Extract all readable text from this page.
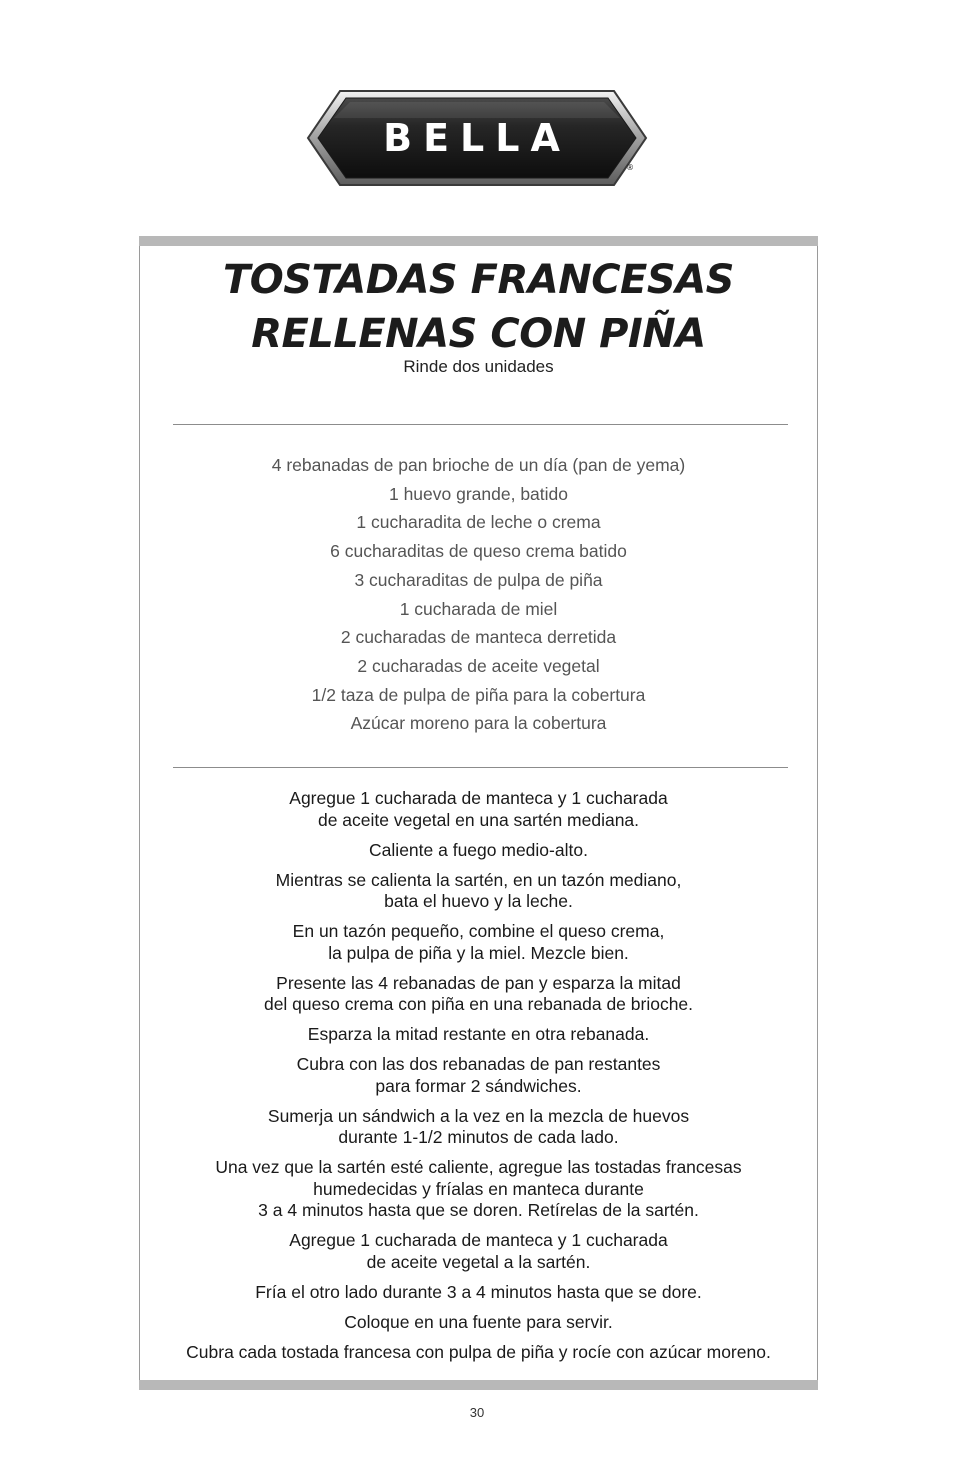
BELLA
®
TOSTADAS FRANCESAS
RELLENAS CON PIÑA
Rinde dos unidades
4 rebanadas de pan brioche de un día (pan de yema)
1 huevo grande, batido
1 cucharadita de leche o crema
6 cucharaditas de queso crema batido
3 cucharaditas de pulpa de piña
1 cucharada de miel
2 cucharadas de manteca derretida
2 cucharadas de aceite vegetal
1/2 taza de pulpa de piña para la cobertura
Azúcar moreno para la cobertura
Agregue 1 cucharada de manteca y 1 cucharada
de aceite vegetal en una sartén mediana.
Caliente a fuego medio-alto.
Mientras se calienta la sartén, en un tazón mediano,
bata el huevo y la leche.
En un tazón pequeño, combine el queso crema,
la pulpa de piña y la miel. Mezcle bien.
Presente las 4 rebanadas de pan y esparza la mitad
del queso crema con piña en una rebanada de brioche.
Esparza la mitad restante en otra rebanada.
Cubra con las dos rebanadas de pan restantes
para formar 2 sándwiches.
Sumerja un sándwich a la vez en la mezcla de huevos
durante 1-1/2 minutos de cada lado.
Una vez que la sartén esté caliente, agregue las tostadas francesas
humedecidas y fríalas en manteca durante
3 a 4 minutos hasta que se doren. Retírelas de la sartén.
Agregue 1 cucharada de manteca y 1 cucharada
de aceite vegetal a la sartén.
Fría el otro lado durante 3 a 4 minutos hasta que se dore.
Coloque en una fuente para servir.
Cubra cada tostada francesa con pulpa de piña y rocíe con azúcar moreno.
30
